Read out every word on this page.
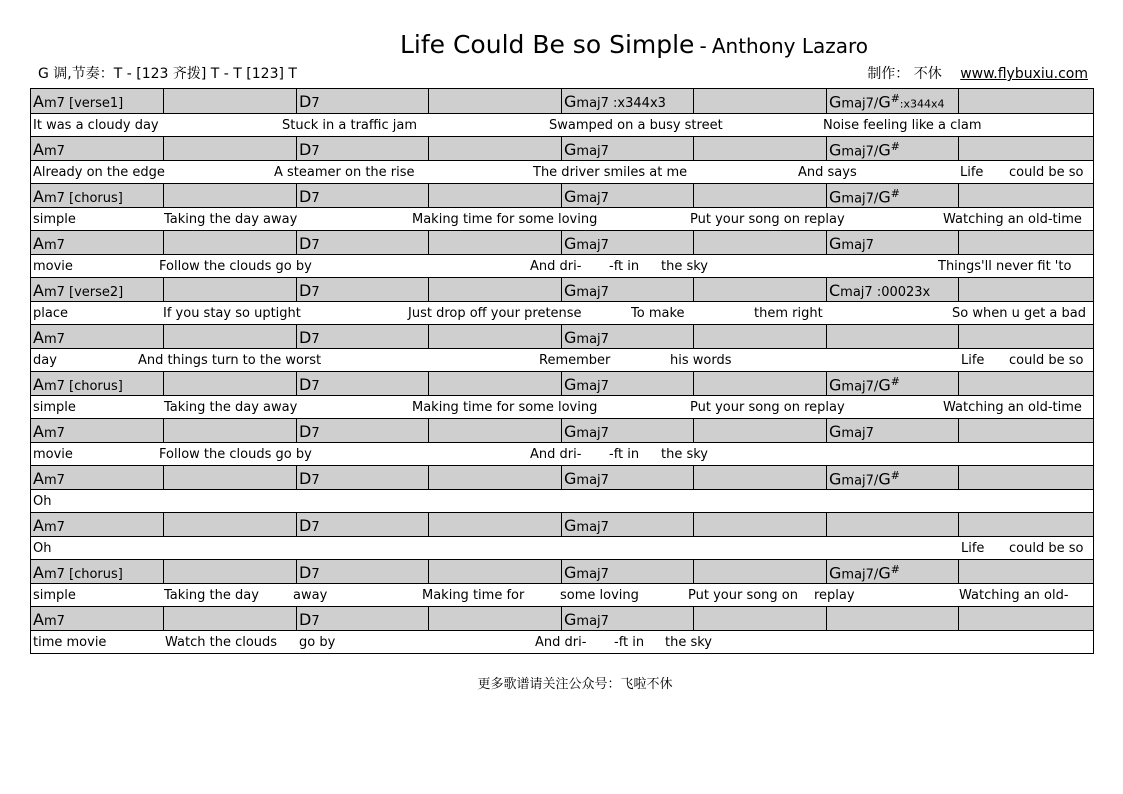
Life Could Be so Simple - Anthony Lazaro
G 调,节奏：T - [123 齐拨] T - T [123] T	制作： 不休 www.flybuxiu.com
Am7 [verse1]	D7	Gmaj7 :x344x3	Gmaj7/G#:x344x4
It was a cloudy day	Stuck in a traffic jam	Swamped on a busy street	Noise feeling like a clam
Am7	D7	Gmaj7	Gmaj7/G#
Already on the edge	A steamer on the rise	The driver smiles at me	And says	Life could be so
Am7 [chorus]	D7	Gmaj7	Gmaj7/G#
simple	Taking the day away	Making time for some loving	Put your song on replay	Watching an old-time
Am7	D7	Gmaj7	Gmaj7
movie	Follow the clouds go by	And dri- -ft in the sky	Things'll never fit 'to
Am7 [verse2]	D7	Gmaj7	Cmaj7 :00023x
place	If you stay so uptight	Just drop off your pretense	To make	them right	So when u get a bad
Am7	D7	Gmaj7
day	And things turn to the worst	Remember	his words	Life could be so
Am7 [chorus]	D7	Gmaj7	Gmaj7/G#
simple	Taking the day away	Making time for some loving	Put your song on replay	Watching an old-time
Am7	D7	Gmaj7	Gmaj7
movie	Follow the clouds go by	And dri- -ft in the sky
Am7	D7	Gmaj7	Gmaj7/G#
Oh
Am7	D7	Gmaj7
Oh	Life could be so
Am7 [chorus]	D7	Gmaj7	Gmaj7/G#
simple	Taking the day	away	Making time for	some loving	Put your song on replay	Watching an old-
Am7	D7	Gmaj7
time movie	Watch the clouds go by	And dri- -ft in the sky
更多歌谱请关注公众号：飞啦不休
